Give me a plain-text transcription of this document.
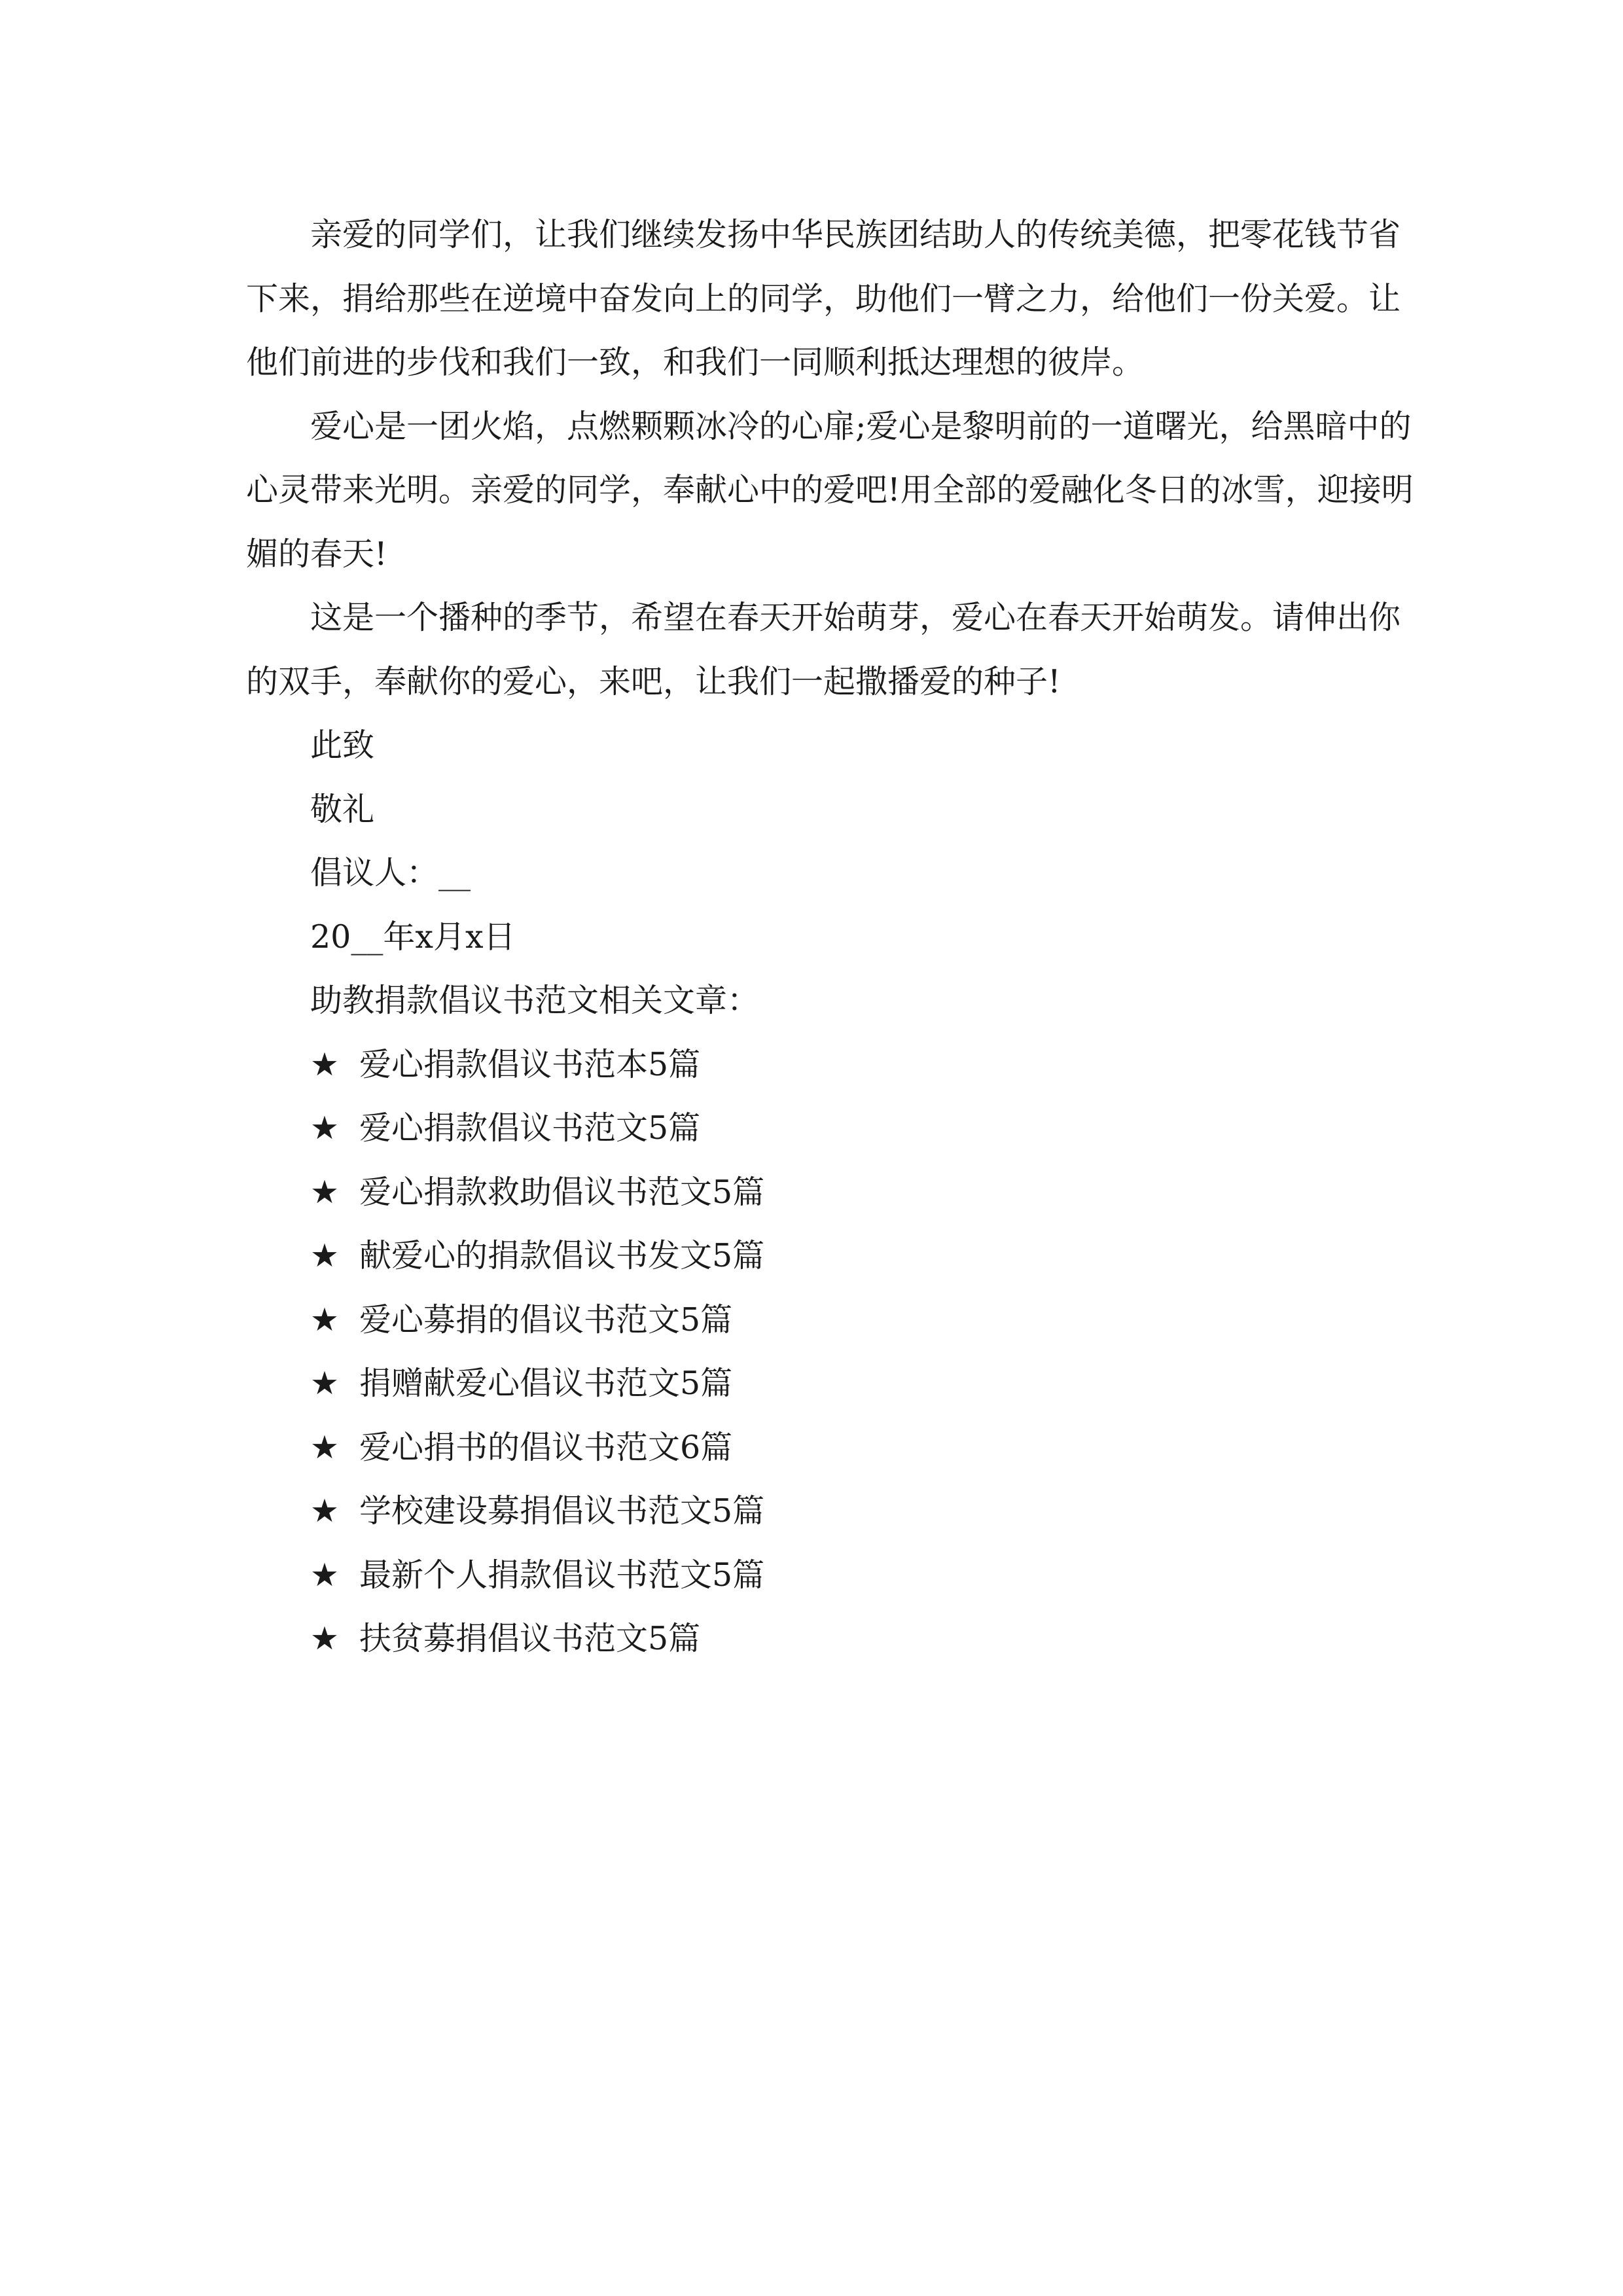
亲爱的同学们，让我们继续发扬中华民族团结助人的传统美德，把零花钱节省下来，捐给那些在逆境中奋发向上的同学，助他们一臂之力，给他们一份关爱。让他们前进的步伐和我们一致，和我们一同顺利抵达理想的彼岸。

爱心是一团火焰，点燃颗颗冰冷的心扉;爱心是黎明前的一道曙光，给黑暗中的心灵带来光明。亲爱的同学，奉献心中的爱吧!用全部的爱融化冬日的冰雪，迎接明媚的春天!

这是一个播种的季节，希望在春天开始萌芽，爱心在春天开始萌发。请伸出你的双手，奉献你的爱心，来吧，让我们一起撒播爱的种子!

此致

敬礼

倡议人：__

20__年x月x日

助教捐款倡议书范文相关文章：

★ 爱心捐款倡议书范本5篇
★ 爱心捐款倡议书范文5篇
★ 爱心捐款救助倡议书范文5篇
★ 献爱心的捐款倡议书发文5篇
★ 爱心募捐的倡议书范文5篇
★ 捐赠献爱心倡议书范文5篇
★ 爱心捐书的倡议书范文6篇
★ 学校建设募捐倡议书范文5篇
★ 最新个人捐款倡议书范文5篇
★ 扶贫募捐倡议书范文5篇
